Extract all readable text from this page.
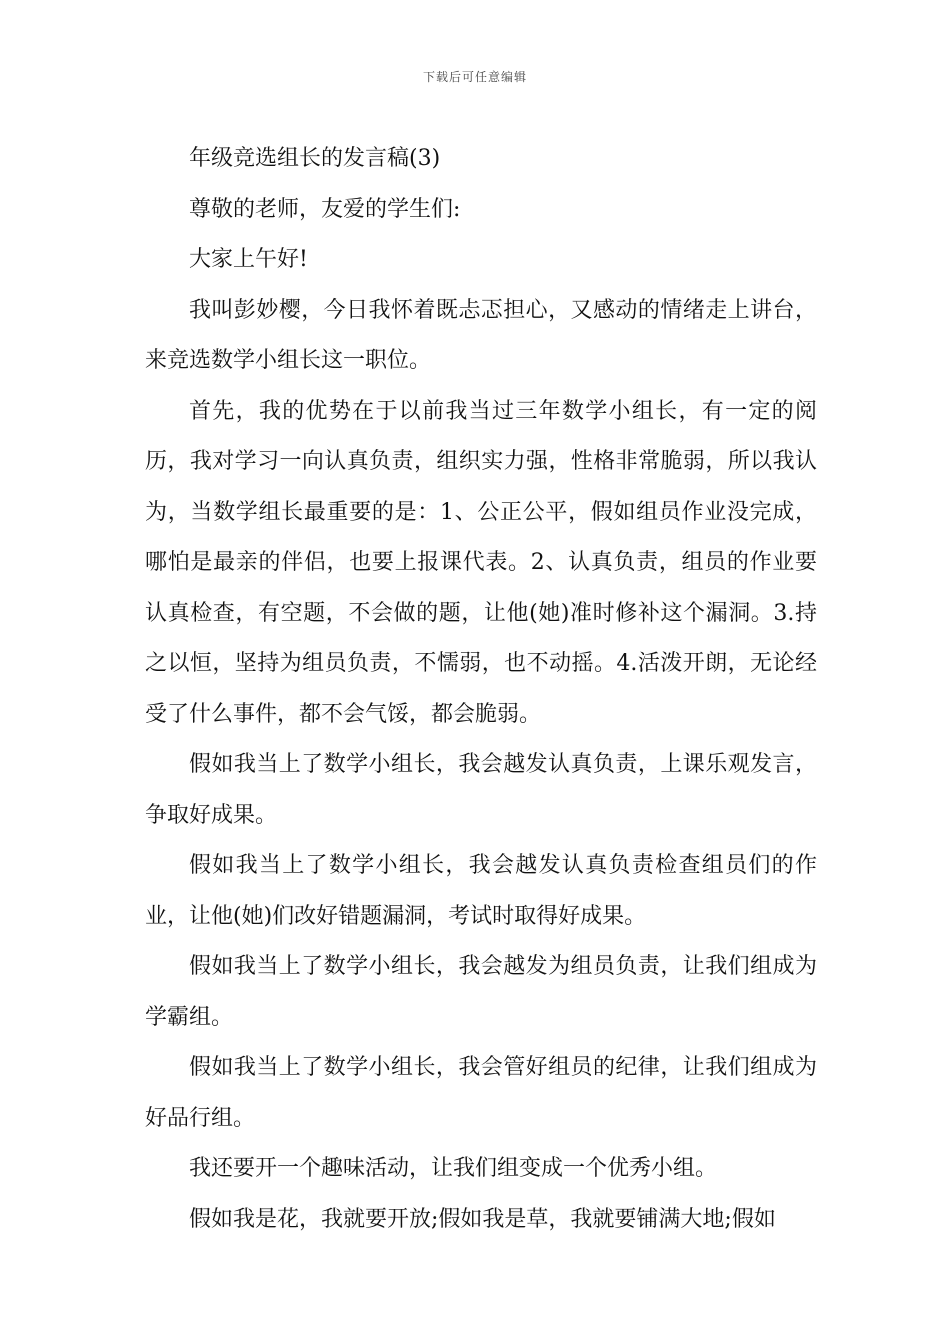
下载后可任意编辑

年级竞选组长的发言稿(3)

尊敬的老师，友爱的学生们:

大家上午好!

我叫彭妙樱，今日我怀着既忐忑担心，又感动的情绪走上讲台，来竞选数学小组长这一职位。

首先，我的优势在于以前我当过三年数学小组长，有一定的阅历，我对学习一向认真负责，组织实力强，性格非常脆弱，所以我认为，当数学组长最重要的是：1、公正公平，假如组员作业没完成，哪怕是最亲的伴侣，也要上报课代表。2、认真负责，组员的作业要认真检查，有空题，不会做的题，让他(她)准时修补这个漏洞。3.持之以恒，坚持为组员负责，不懦弱，也不动摇。4.活泼开朗，无论经受了什么事件，都不会气馁，都会脆弱。

假如我当上了数学小组长，我会越发认真负责，上课乐观发言，争取好成果。

假如我当上了数学小组长，我会越发认真负责检查组员们的作业，让他(她)们改好错题漏洞，考试时取得好成果。

假如我当上了数学小组长，我会越发为组员负责，让我们组成为学霸组。

假如我当上了数学小组长，我会管好组员的纪律，让我们组成为好品行组。

我还要开一个趣味活动，让我们组变成一个优秀小组。

假如我是花，我就要开放;假如我是草，我就要铺满大地;假如
